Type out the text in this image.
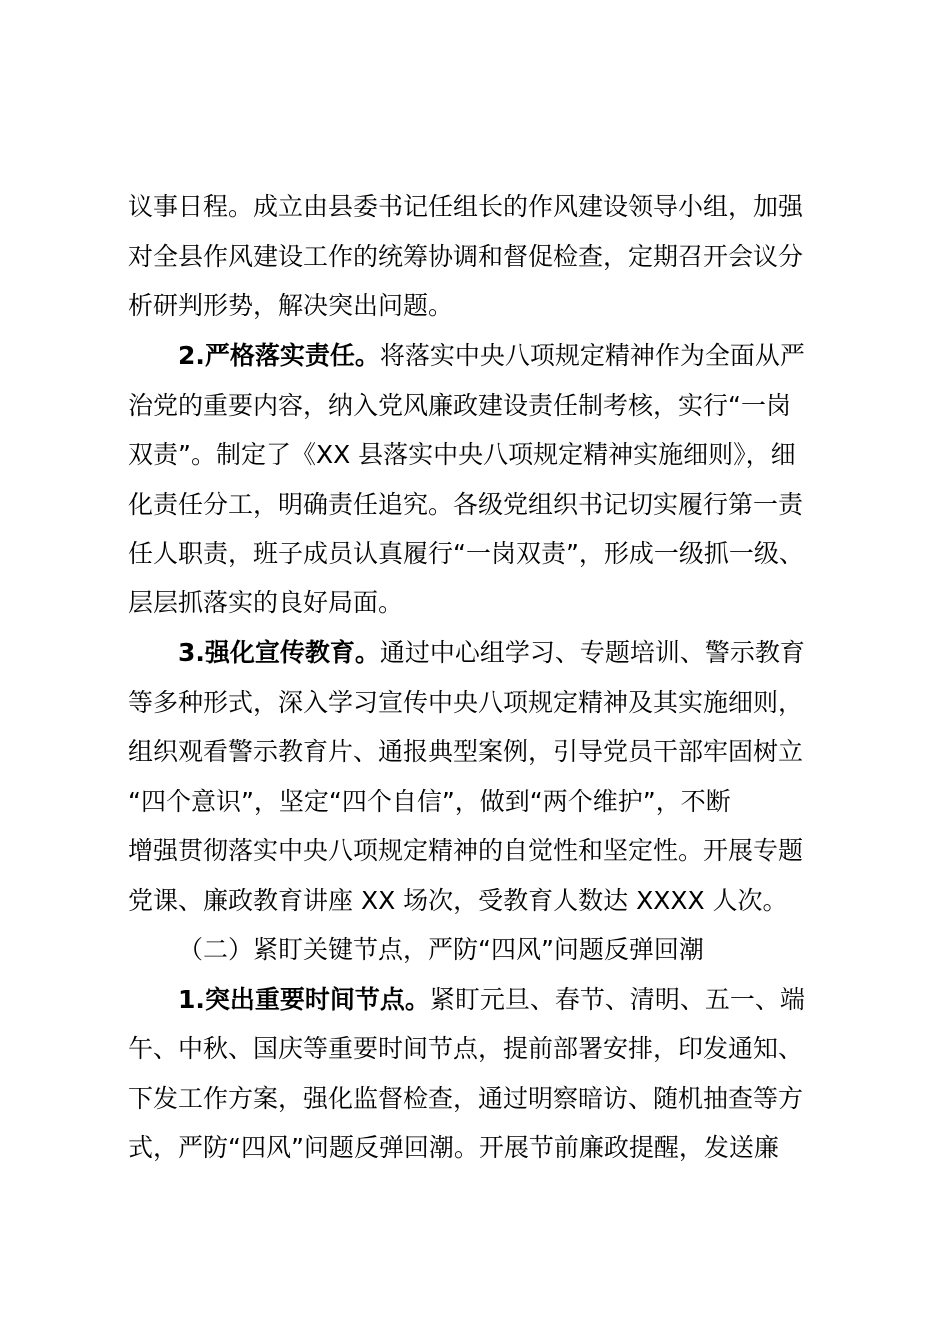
议事日程。成立由县委书记任组长的作风建设领导小组，加强
对全县作风建设工作的统筹协调和督促检查，定期召开会议分
析研判形势，解决突出问题。
2.严格落实责任。将落实中央八项规定精神作为全面从严
治党的重要内容，纳入党风廉政建设责任制考核，实行“一岗
双责”。制定了《XX 县落实中央八项规定精神实施细则》，细
化责任分工，明确责任追究。各级党组织书记切实履行第一责
任人职责，班子成员认真履行“一岗双责”，形成一级抓一级、
层层抓落实的良好局面。
3.强化宣传教育。通过中心组学习、专题培训、警示教育
等多种形式，深入学习宣传中央八项规定精神及其实施细则，
组织观看警示教育片、通报典型案例，引导党员干部牢固树立
“四个意识”，坚定“四个自信”，做到“两个维护”，不断
增强贯彻落实中央八项规定精神的自觉性和坚定性。开展专题
党课、廉政教育讲座 XX 场次，受教育人数达 XXXX 人次。
（二）紧盯关键节点，严防“四风”问题反弹回潮
1.突出重要时间节点。紧盯元旦、春节、清明、五一、端
午、中秋、国庆等重要时间节点，提前部署安排，印发通知、
下发工作方案，强化监督检查，通过明察暗访、随机抽查等方
式，严防“四风”问题反弹回潮。开展节前廉政提醒，发送廉
